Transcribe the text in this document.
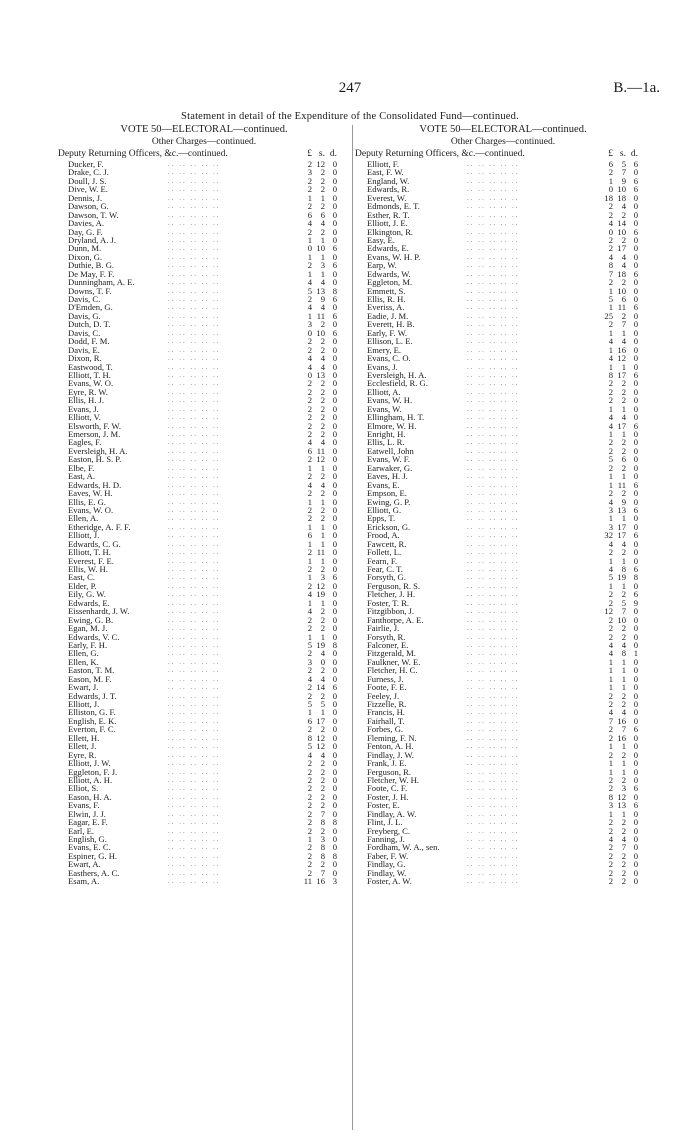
247	B.—1a.
Statement in detail of the Expenditure of the Consolidated Fund—continued.
VOTE 50—ELECTORAL—continued.
Other Charges—continued.
Deputy Returning Officers, &c.—continued.	£ s. d.
Ducker, F.	.. .. .. .. ..	2 12 0
Drake, C. J.	.. .. .. .. ..	3	2 0
Doull, J. S.	.. .. .. .. ..	2	2 0
Dive, W. E.	.. .. .. .. ..	2	2 0
Dennis, J.	.. .. .. .. ..	1	1 0
Dawson, G.	.. .. .. .. ..	2	2 0
Dawson, T. W.	.. .. .. .. ..	6	6 0
Davies, A.	.. .. .. .. ..	4	4 0
Day, G. F.	.. .. .. .. ..	2	2 0
Dryland, A. J.	.. .. .. .. ..	1	1 0
Dunn, M.	.. .. .. .. ..	0 10 6
Dixon, G.	.. .. .. .. ..	1	1 0
Duthie, B. G.	.. .. .. .. ..	2	3 6
De May, F. F.	.. .. .. .. ..	1	1 0
Dunningham, A. E.	.. .. .. .. ..	4	4 0
Downs, T. F.	.. .. .. .. ..	5 13 8
Davis, C.	.. .. .. .. ..	2	9 6
D'Emden, G.	.. .. .. .. ..	4	4 0
Davis, G.	.. .. .. .. ..	1 11 6
Dutch, D. T.	.. .. .. .. ..	3	2 0
Davis, C.	.. .. .. .. ..	0 10 6
Dodd, F. M.	.. .. .. .. ..	2	2 0
Davis, E.	.. .. .. .. ..	2	2 0
Dixon, R.	.. .. .. .. ..	4	4 0
Eastwood, T.	.. .. .. .. ..	4	4 0
Elliott, T. H.	.. .. .. .. ..	0 13 0
Evans, W. O.	.. .. .. .. ..	2	2 0
Eyre, R. W.	.. .. .. .. ..	2	2 0
Ellis, H. J.	.. .. .. .. ..	2	2 0
Evans, J.	.. .. .. .. ..	2	2 0
Elliott, V.	.. .. .. .. ..	2	2 0
Elsworth, F. W.	.. .. .. .. ..	2	2 0
Emerson, J. M.	.. .. .. .. ..	2	2 0
Eagles, F.	.. .. .. .. ..	4	4 0
Eversleigh, H. A.	.. .. .. .. ..	6 11 0
Easton, H. S. P.	.. .. .. .. ..	2 12 0
Elbe, F.	.. .. .. .. ..	1	1 0
East, A.	.. .. .. .. ..	2	2 0
Edwards, H. D.	.. .. .. .. ..	4	4 0
Eaves, W. H.	.. .. .. .. ..	2	2 0
Ellis, E. G.	.. .. .. .. ..	1	1 0
Evans, W. O.	.. .. .. .. ..	2	2 0
Ellen, A.	.. .. .. .. ..	2	2 0
Etheridge, A. F. F.	.. .. .. .. ..	1	1 0
Elliott, J.	.. .. .. .. ..	6	1 0
Edwards, C. G.	.. .. .. .. ..	1	1 0
Elliott, T. H.	.. .. .. .. ..	2 11 0
Everest, F. E.	.. .. .. .. ..	1	1 0
Ellis, W. H.	.. .. .. .. ..	2	2 0
East, C.	.. .. .. .. ..	1	3 6
Elder, P.	.. .. .. .. ..	2 12 0
Eily, G. W.	.. .. .. .. ..	4 19 0
Edwards, E.	.. .. .. .. ..	1	1 0
Eissenhardt, J. W.	.. .. .. .. ..	4	2 0
Ewing, G. B.	.. .. .. .. ..	2	2 0
Egan, M. J.	.. .. .. .. ..	2	2 0
Edwards, V. C.	.. .. .. .. ..	1	1 0
Early, F. H.	.. .. .. .. ..	5 19 8
Ellen, G.	.. .. .. .. ..	2	4 0
Ellen, K.	.. .. .. .. ..	3	0 0
Easton, T. M.	.. .. .. .. ..	2	2 0
Eason, M. F.	.. .. .. .. ..	4	4 0
Ewart, J.	.. .. .. .. ..	2 14 6
Edwards, J. T.	.. .. .. .. ..	2	2 0
Elliott, J.	.. .. .. .. ..	5	5 0
Elliston, G. F.	.. .. .. .. ..	1	1 0
English, E. K.	.. .. .. .. ..	6 17 0
Everton, F. C.	.. .. .. .. ..	2	2 0
Ellett, H.	.. .. .. .. ..	8 12 0
Ellett, J.	.. .. .. .. ..	5 12 0
Eyre, R.	.. .. .. .. ..	4	4 0
Elliott, J. W.	.. .. .. .. ..	2	2 0
Eggleton, F. J.	.. .. .. .. ..	2	2 0
Elliott, A. H.	.. .. .. .. ..	2	2 0
Elliot, S.	.. .. .. .. ..	2	2 0
Eason, H. A.	.. .. .. .. ..	2	2 0
Evans, F.	.. .. .. .. ..	2	2 0
Elwin, J. J.	.. .. .. .. ..	2	7 0
Eagar, E. F.	.. .. .. .. ..	2	8 8
Earl, E.	.. .. .. .. ..	2	2 0
English, G.	.. .. .. .. ..	1	3 0
Evans, E. C.	.. .. .. .. ..	2	8 0
Espiner, G. H.	.. .. .. .. ..	2	8 8
Ewart, A.	.. .. .. .. ..	2	2 0
Easthers, A. C.	.. .. .. .. ..	2	7 0
Esam, A.	.. .. .. .. ..	11 16 3
VOTE 50—ELECTORAL—continued.
Other Charges—continued.
Deputy Returning Officers, &c.—continued.	£ s. d.
Elliott, F.	.. .. .. .. ..	6	5 6
East, F. W.	.. .. .. .. ..	2	7 0
England, W.	.. .. .. .. ..	1	9 6
Edwards, R.	.. .. .. .. ..	0 10 6
Everest, W.	.. .. .. .. ..	18 18 0
Edmonds, E. T.	.. .. .. .. ..	2	4 0
Esther, R. T.	.. .. .. .. ..	2	2 0
Elliott, J. E.	.. .. .. .. ..	4 14 0
Elkington, R.	.. .. .. .. ..	0 10 6
Easy, E.	.. .. .. .. ..	2	2 0
Edwards, E.	.. .. .. .. ..	2 17 0
Evans, W. H. P.	.. .. .. .. ..	4	4 0
Earp, W.	.. .. .. .. ..	8	4 0
Edwards, W.	.. .. .. .. ..	7 18 6
Eggleton, M.	.. .. .. .. ..	2	2 0
Emmett, S.	.. .. .. .. ..	1 10 0
Ellis, R. H.	.. .. .. .. ..	5	6 0
Everiss, A.	.. .. .. .. ..	1 11 6
Eadie, J. M.	.. .. .. .. ..	25	2 0
Everett, H. B.	.. .. .. .. ..	2	7 0
Early, F. W.	.. .. .. .. ..	1	1 0
Ellison, L. E.	.. .. .. .. ..	4	4 0
Emery, E.	.. .. .. .. ..	1 16 0
Evans, C. O.	.. .. .. .. ..	4 12 0
Evans, J.	.. .. .. .. ..	1	1 0
Eversleigh, H. A.	.. .. .. .. ..	8 17 6
Ecclesfield, R. G.	.. .. .. .. ..	2	2 0
Elliott, A.	.. .. .. .. ..	2	2 0
Evans, W. H.	.. .. .. .. ..	2	2 0
Evans, W.	.. .. .. .. ..	1	1 0
Ellingham, H. T.	.. .. .. .. ..	4	4 0
Elmore, W. H.	.. .. .. .. ..	4 17 6
Enright, H.	.. .. .. .. ..	1	1 0
Ellis, L. R.	.. .. .. .. ..	2	2 0
Eatwell, John	.. .. .. .. ..	2	2 0
Evans, W. F.	.. .. .. .. ..	5	6 0
Earwaker, G.	.. .. .. .. ..	2	2 0
Eaves, H. J.	.. .. .. .. ..	1	1 0
Evans, E.	.. .. .. .. ..	1 11 6
Empson, E.	.. .. .. .. ..	2	2 0
Ewing, G. P.	.. .. .. .. ..	4	9 0
Elliott, G.	.. .. .. .. ..	3 13 6
Epps, T.	.. .. .. .. ..	1	1 0
Erickson, G.	.. .. .. .. ..	3 17 0
Frood, A.	.. .. .. .. ..	32 17 6
Fawcett, R.	.. .. .. .. ..	4	4 0
Follett, L.	.. .. .. .. ..	2	2 0
Fearn, F.	.. .. .. .. ..	1	1 0
Fear, C. T.	.. .. .. .. ..	4	8 6
Forsyth, G.	.. .. .. .. ..	5 19 8
Ferguson, R. S.	.. .. .. .. ..	1	1 0
Fletcher, J. H.	.. .. .. .. ..	2	2 6
Foster, T. R.	.. .. .. .. ..	2	5 9
Fitzgibbon, J.	.. .. .. .. ..	12	7 0
Fanthorpe, A. E.	.. .. .. .. ..	2 10 0
Fairlie, J.	.. .. .. .. ..	2	2 0
Forsyth, R.	.. .. .. .. ..	2	2 0
Falconer, E.	.. .. .. .. ..	4	4 0
Fitzgerald, M.	.. .. .. .. ..	4	8 1
Faulkner, W. E.	.. .. .. .. ..	1	1 0
Fletcher, H. C.	.. .. .. .. ..	1	1 0
Furness, J.	.. .. .. .. ..	1	1 0
Foote, F. E.	.. .. .. .. ..	1	1 0
Feeley, J.	.. .. .. .. ..	2	2 0
Fizzelle, R.	.. .. .. .. ..	2	2 0
Francis, H.	.. .. .. .. ..	4	4 0
Fairhall, T.	.. .. .. .. ..	7 16 0
Forbes, G.	.. .. .. .. ..	2	7 6
Fleming, F. N.	.. .. .. .. ..	2 16 0
Fenton, A. H.	.. .. .. .. ..	1	1 0
Findlay, J. W.	.. .. .. .. ..	2	2 0
Frank, J. E.	.. .. .. .. ..	1	1 0
Ferguson, R.	.. .. .. .. ..	1	1 0
Fletcher, W. H.	.. .. .. .. ..	2	2 0
Foote, C. F.	.. .. .. .. ..	2	3 6
Foster, J. H.	.. .. .. .. ..	8 12 0
Foster, E.	.. .. .. .. ..	3 13 6
Findlay, A. W.	.. .. .. .. ..	1	1 0
Flint, J. L.	.. .. .. .. ..	2	2 0
Freyberg, C.	.. .. .. .. ..	2	2 0
Fanning, J.	.. .. .. .. ..	4	4 0
Fordham, W. A., sen.	.. .. .. .. ..	2	7 0
Faber, F. W.	.. .. .. .. ..	2	2 0
Findlay, G.	.. .. .. .. ..	2	2 0
Findlay, W.	.. .. .. .. ..	2	2 0
Foster, A. W.	.. .. .. .. ..	2	2 0
